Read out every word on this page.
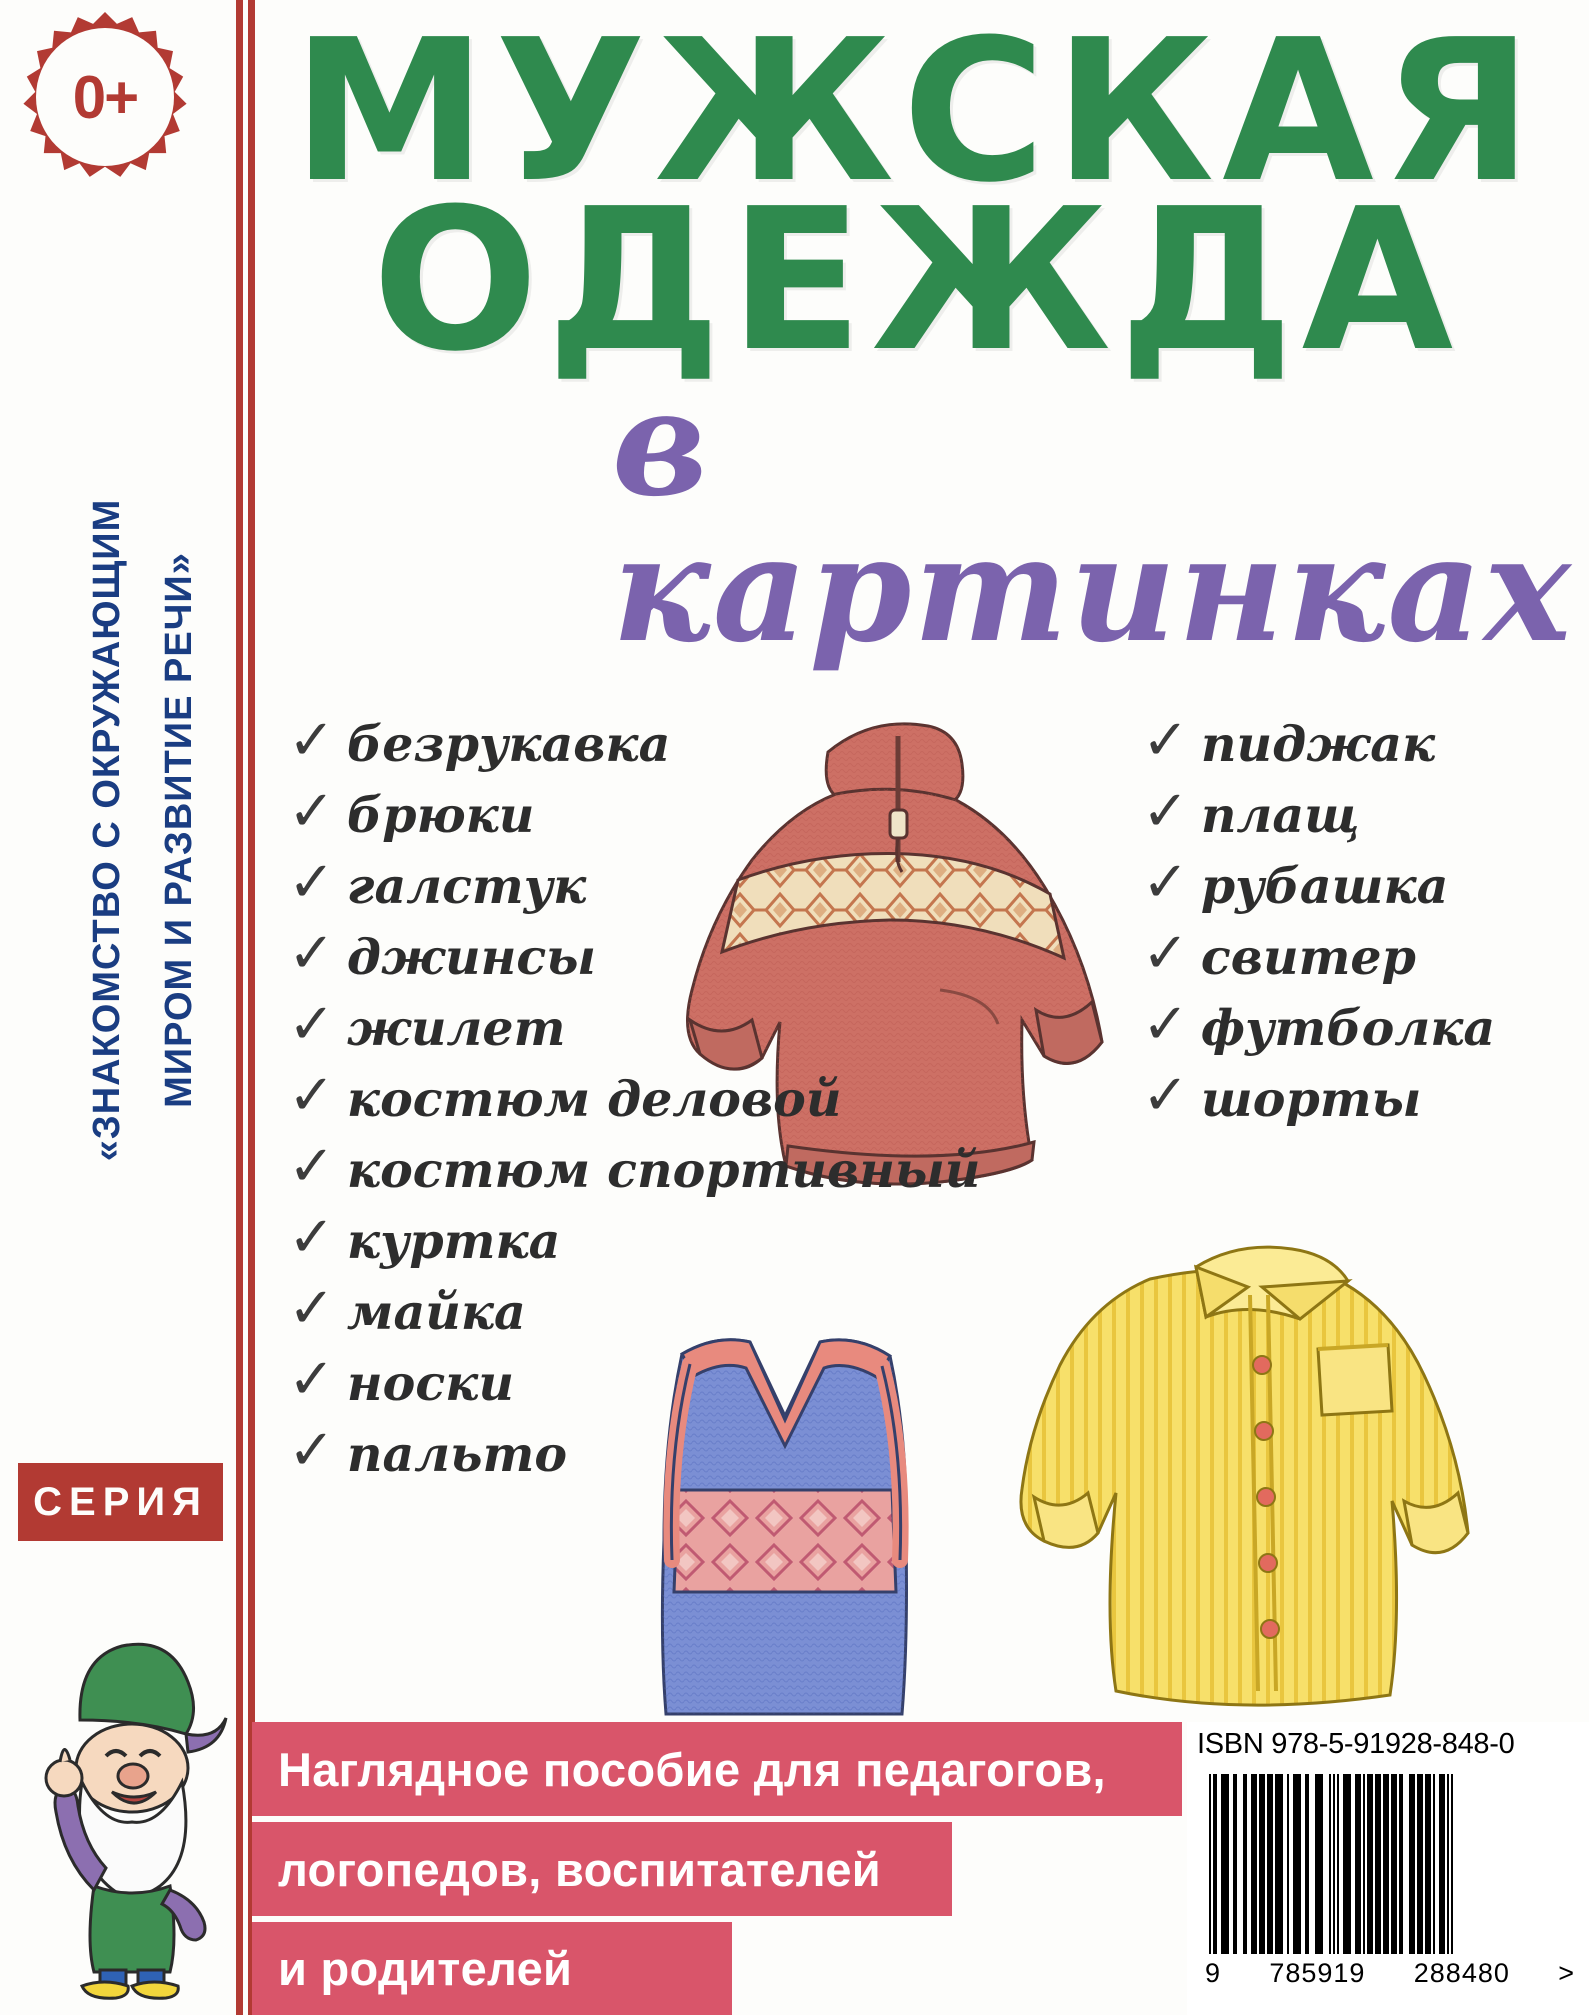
0+
«ЗНАКОМСТВО С ОКРУЖАЮЩИМ МИРОМ И РАЗВИТИЕ РЕЧИ»
СЕРИЯ
МУЖСКАЯ
ОДЕЖДА
в картинках
✓ безрукавка
✓ брюки
✓ галстук
✓ джинсы
✓ жилет
✓ костюм деловой
✓ костюм спортивный
✓ куртка
✓ майка
✓ носки
✓ пальто
✓ пиджак
✓ плащ
✓ рубашка
✓ свитер
✓ футболка
✓ шорты
Наглядное пособие для педагогов,
логопедов, воспитателей
и родителей
ISBN 978-5-91928-848-0
9 785919 288480 >
